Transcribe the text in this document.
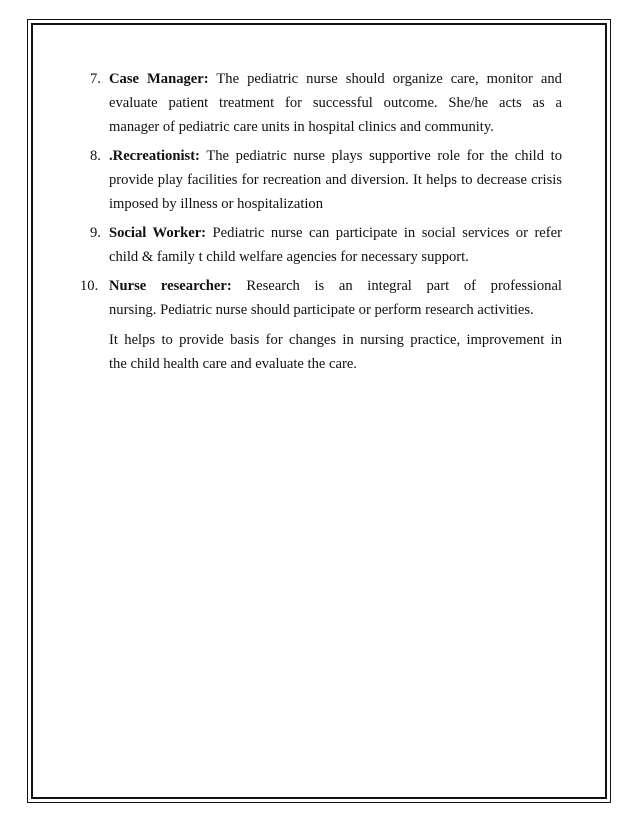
7. Case Manager: The pediatric nurse should organize care, monitor and
evaluate patient treatment for successful outcome. She/he acts as a
manager of pediatric care units in hospital clinics and community.

8. .Recreationist: The pediatric nurse plays supportive role for the child to
provide play facilities for recreation and diversion. It helps to decrease crisis
imposed by illness or hospitalization

9. Social Worker: Pediatric nurse can participate in social services or refer
child & family t child welfare agencies for necessary support.

10. Nurse researcher: Research is an integral part of professional
nursing. Pediatric nurse should participate or perform research activities.

It helps to provide basis for changes in nursing practice, improvement in
the child health care and evaluate the care.
